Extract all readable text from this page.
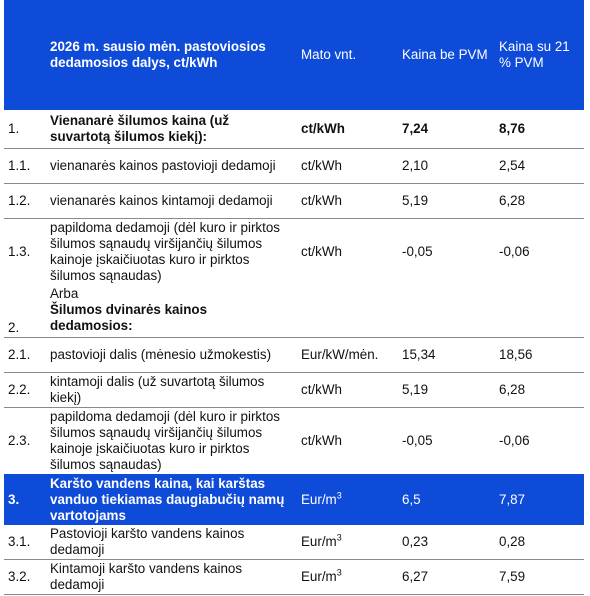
	2026 m. sausio mėn. pastoviosios dedamosios dalys, ct/kWh	Mato vnt.	Kaina be PVM	Kaina su 21 % PVM
1.	Vienanarė šilumos kaina (už suvartotą šilumos kiekį):	ct/kWh	7,24	8,76
1.1.	vienanarės kainos pastovioji dedamoji	ct/kWh	2,10	2,54
1.2.	vienanarės kainos kintamoji dedamoji	ct/kWh	5,19	6,28
1.3.	papildoma dedamoji (dėl kuro ir pirktos šilumos sąnaudų viršijančių šilumos kainoje įskaičiuotas kuro ir pirktos šilumos sąnaudas)	ct/kWh	-0,05	-0,06
2.	Arba
Šilumos dvinarės kainos dedamosios:			

2.1.	pastovioji dalis (mėnesio užmokestis)	Eur/kW/mėn.	15,34	18,56
2.2.	kintamoji dalis (už suvartotą šilumos kiekį)	ct/kWh	5,19	6,28
2.3.	papildoma dedamoji (dėl kuro ir pirktos šilumos sąnaudų viršijančių šilumos kainoje įskaičiuotas kuro ir pirktos šilumos sąnaudas)	ct/kWh	-0,05	-0,06
3.	Karšto vandens kaina, kai karštas vanduo tiekiamas daugiabučių namų vartotojams	Eur/$m^3$	6,5	7,87
3.1.	Pastovioji karšto vandens kainos dedamoji	Eur/$m^3$	0,23	0,28
3.2.	Kintamoji karšto vandens kainos dedamoji	Eur/$m^3$	6,27	7,59
